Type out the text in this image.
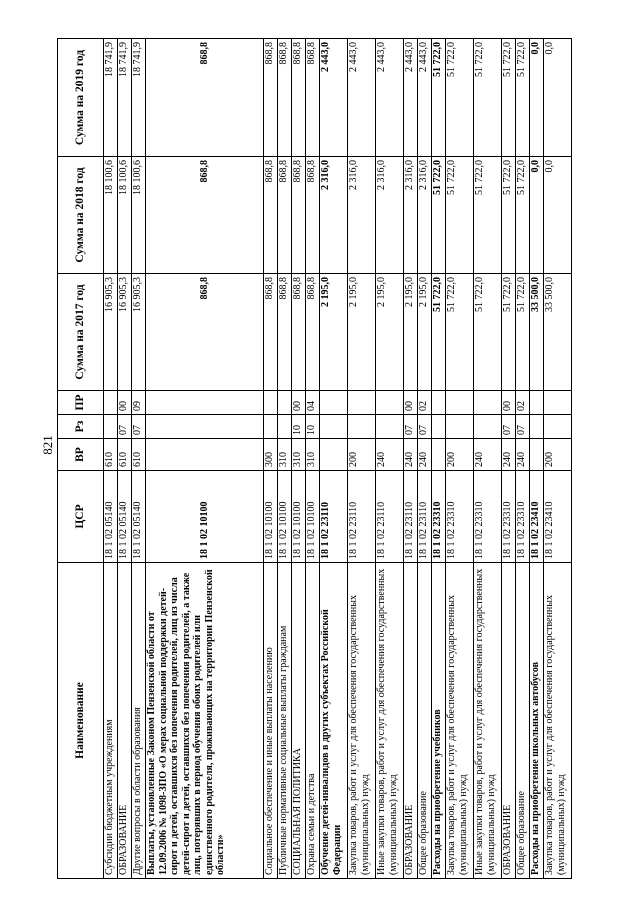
821
Наименование	ЦСР	ВР	Рз	ПР	Сумма на 2017 год	Сумма на 2018 год	Сумма на 2019 год
Субсидии бюджетным учреждениям	18 1 02 05140	610			16 905,3	18 100,6	18 741,9
ОБРАЗОВАНИЕ	18 1 02 05140	610	07	00	16 905,3	18 100,6	18 741,9
Другие вопросы в области образования	18 1 02 05140	610	07	09	16 905,3	18 100,6	18 741,9
Выплаты, установленные Законом Пензенской области от 12.09.2006 № 1098-ЗПО «О мерах социальной поддержки детей-сирот и детей, оставшихся без попечения родителей, лиц из числа детей-сирот и детей, оставшихся без попечения родителей, а также лиц, потерявших в период обучения обоих родителей или единственного родителя, проживающих на территории Пензенской области»	18 1 02 10100				868,8	868,8	868,8
Социальное обеспечение и иные выплаты населению	18 1 02 10100	300			868,8	868,8	868,8
Публичные нормативные социальные выплаты гражданам	18 1 02 10100	310			868,8	868,8	868,8
СОЦИАЛЬНАЯ ПОЛИТИКА	18 1 02 10100	310	10	00	868,8	868,8	868,8
Охрана семьи и детства	18 1 02 10100	310	10	04	868,8	868,8	868,8
Обучение детей-инвалидов в других субъектах Российской Федерации	18 1 02 23110				2 195,0	2 316,0	2 443,0
Закупка товаров, работ и услуг для обеспечения государственных (муниципальных) нужд	18 1 02 23110	200			2 195,0	2 316,0	2 443,0
Иные закупки товаров, работ и услуг для обеспечения государственных (муниципальных) нужд	18 1 02 23110	240			2 195,0	2 316,0	2 443,0
ОБРАЗОВАНИЕ	18 1 02 23110	240	07	00	2 195,0	2 316,0	2 443,0
Общее образование	18 1 02 23110	240	07	02	2 195,0	2 316,0	2 443,0
Расходы на приобретение учебников	18 1 02 23310				51 722,0	51 722,0	51 722,0
Закупка товаров, работ и услуг для обеспечения государственных (муниципальных) нужд	18 1 02 23310	200			51 722,0	51 722,0	51 722,0
Иные закупки товаров, работ и услуг для обеспечения государственных (муниципальных) нужд	18 1 02 23310	240			51 722,0	51 722,0	51 722,0
ОБРАЗОВАНИЕ	18 1 02 23310	240	07	00	51 722,0	51 722,0	51 722,0
Общее образование	18 1 02 23310	240	07	02	51 722,0	51 722,0	51 722,0
Расходы на приобретение школьных автобусов	18 1 02 23410				33 500,0	0,0	0,0
Закупка товаров, работ и услуг для обеспечения государственных (муниципальных) нужд	18 1 02 23410	200			33 500,0	0,0	0,0
